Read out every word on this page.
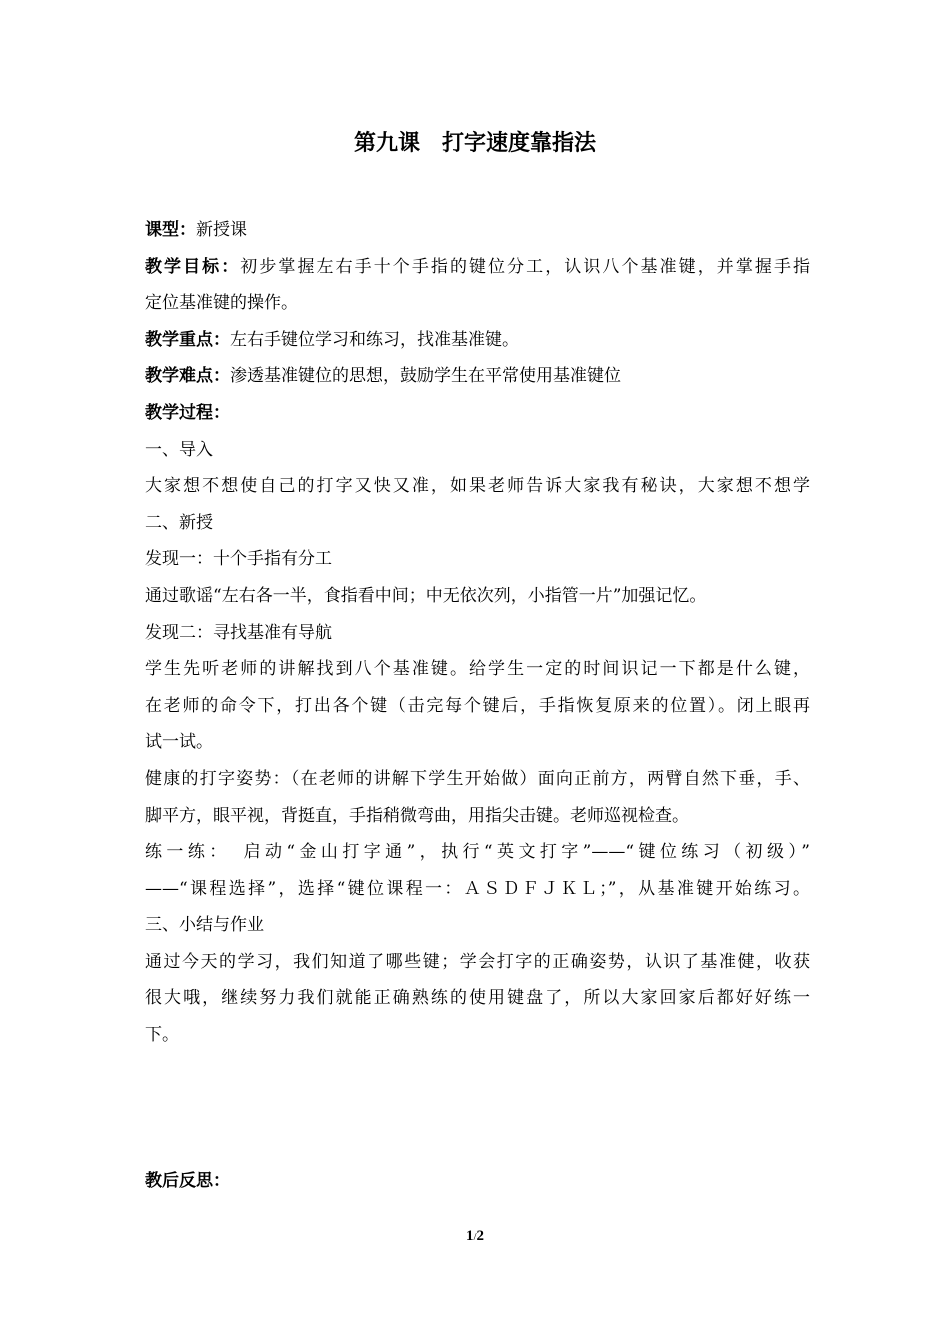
第九课　打字速度靠指法
课型：新授课
教学目标：初步掌握左右手十个手指的键位分工，认识八个基准键，并掌握手指
定位基准键的操作。
教学重点：左右手键位学习和练习，找准基准键。
教学难点：渗透基准键位的思想，鼓励学生在平常使用基准键位
教学过程：
一、导入
大家想不想使自己的打字又快又准，如果老师告诉大家我有秘诀，大家想不想学
二、新授
发现一：十个手指有分工
通过歌谣“左右各一半，食指看中间；中无依次列，小指管一片”加强记忆。
发现二：寻找基准有导航
学生先听老师的讲解找到八个基准键。给学生一定的时间识记一下都是什么键，
在老师的命令下，打出各个键（击完每个键后，手指恢复原来的位置）。闭上眼再
试一试。
健康的打字姿势：（在老师的讲解下学生开始做）面向正前方，两臂自然下垂，手、
脚平方，眼平视，背挺直，手指稍微弯曲，用指尖击键。老师巡视检查。
练一练：　启动“金山打字通”，执行“英文打字”——“键位练习（初级）”
——“课程选择”，选择“键位课程一：ＡＳＤＦＪＫＬ；”，从基准键开始练习。
三、小结与作业
通过今天的学习，我们知道了哪些键；学会打字的正确姿势，认识了基准健，收获
很大哦，继续努力我们就能正确熟练的使用键盘了，所以大家回家后都好好练一
下。
教后反思：
1/2
